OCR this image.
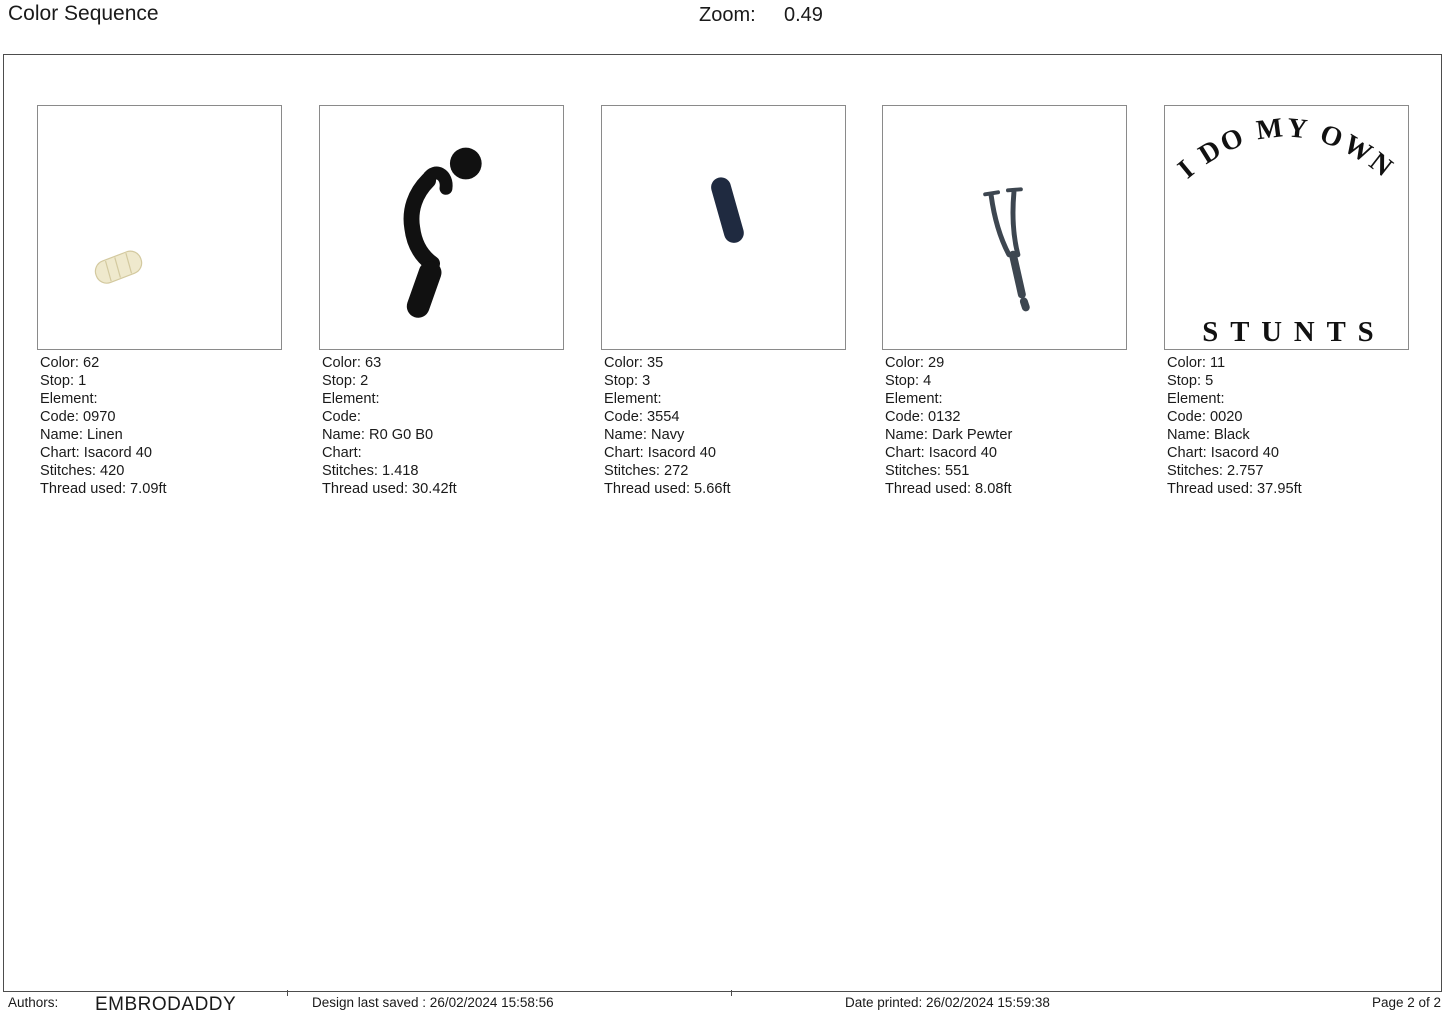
Color Sequence	Zoom: 0.49
Color: 62
Stop: 1
Element:
Code: 0970
Name: Linen
Chart: Isacord 40
Stitches: 420
Thread used: 7.09ft
Color: 63
Stop: 2
Element:
Code:
Name: R0 G0 B0
Chart:
Stitches: 1.418
Thread used: 30.42ft
Color: 35
Stop: 3
Element:
Code: 3554
Name: Navy
Chart: Isacord 40
Stitches: 272
Thread used: 5.66ft
Color: 29
Stop: 4
Element:
Code: 0132
Name: Dark Pewter
Chart: Isacord 40
Stitches: 551
Thread used: 8.08ft
I DO MY OWN
STUNTS
Color: 11
Stop: 5
Element:
Code: 0020
Name: Black
Chart: Isacord 40
Stitches: 2.757
Thread used: 37.95ft
Authors: EMBRODADDY	Design last saved : 26/02/2024 15:58:56	Date printed: 26/02/2024 15:59:38	Page 2 of 2
